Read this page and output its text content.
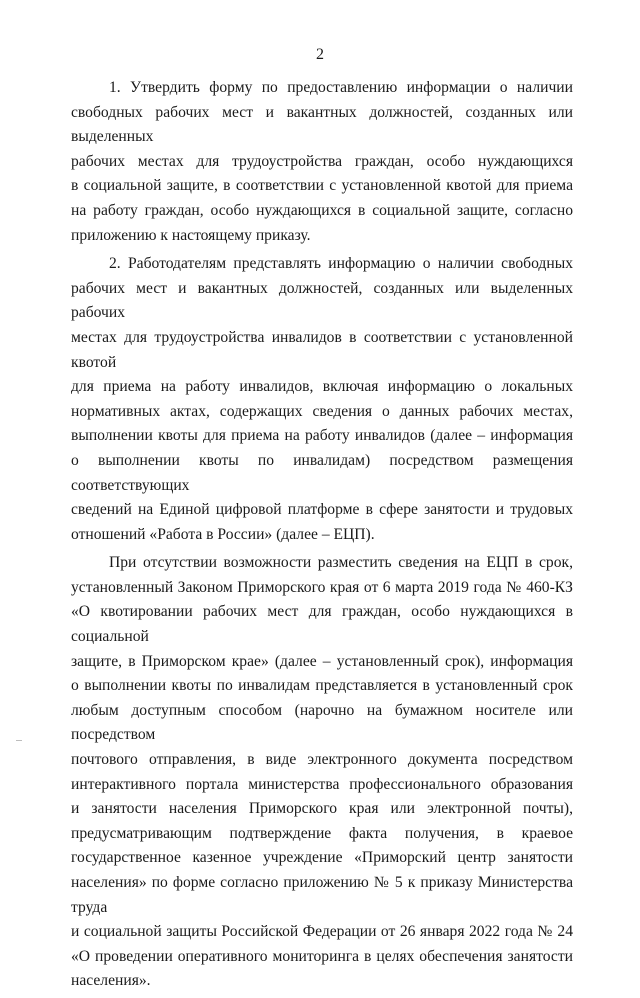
2

1. Утвердить форму по предоставлению информации о наличии
свободных рабочих мест и вакантных должностей, созданных или выделенных
рабочих местах для трудоустройства граждан, особо нуждающихся
в социальной защите, в соответствии с установленной квотой для приема
на работу граждан, особо нуждающихся в социальной защите, согласно
приложению к настоящему приказу.

2. Работодателям представлять информацию о наличии свободных
рабочих мест и вакантных должностей, созданных или выделенных рабочих
местах для трудоустройства инвалидов в соответствии с установленной квотой
для приема на работу инвалидов, включая информацию о локальных
нормативных актах, содержащих сведения о данных рабочих местах,
выполнении квоты для приема на работу инвалидов (далее – информация
о выполнении квоты по инвалидам) посредством размещения соответствующих
сведений на Единой цифровой платформе в сфере занятости и трудовых
отношений «Работа в России» (далее – ЕЦП).

При отсутствии возможности разместить сведения на ЕЦП в срок,
установленный Законом Приморского края от 6 марта 2019 года № 460-КЗ
«О квотировании рабочих мест для граждан, особо нуждающихся в социальной
защите, в Приморском крае» (далее – установленный срок), информация
о выполнении квоты по инвалидам представляется в установленный срок
любым доступным способом (нарочно на бумажном носителе или посредством
почтового отправления, в виде электронного документа посредством
интерактивного портала министерства профессионального образования
и занятости населения Приморского края или электронной почты),
предусматривающим подтверждение факта получения, в краевое
государственное казенное учреждение «Приморский центр занятости
населения» по форме согласно приложению № 5 к приказу Министерства труда
и социальной защиты Российской Федерации от 26 января 2022 года № 24
«О проведении оперативного мониторинга в целях обеспечения занятости
населения».
